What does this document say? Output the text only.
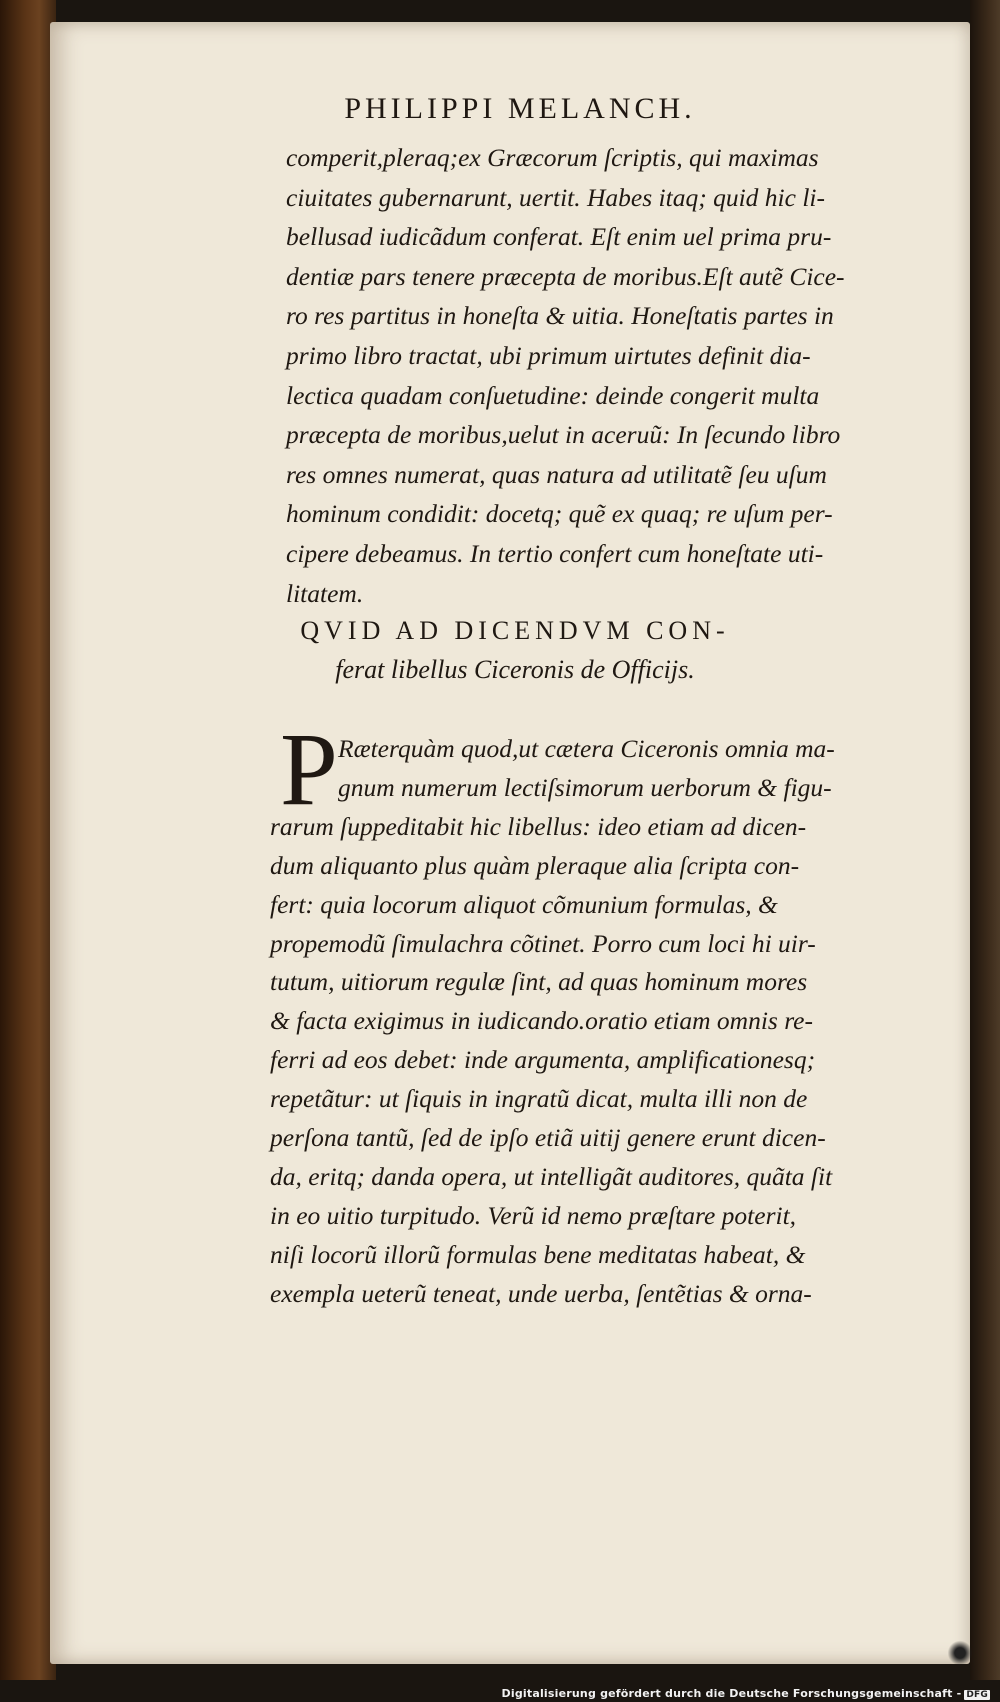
PHILIPPI MELANCH.
comperit,pleraq;ex Græcorum ſcriptis, qui maximas
ciuitates gubernarunt, uertit. Habes itaq; quid hic li-
bellusad iudicãdum conferat. Eſt enim uel prima pru-
dentiæ pars tenere præcepta de moribus.Eſt autẽ Cice-
ro res partitus in honeſta & uitia. Honeſtatis partes in
primo libro tractat, ubi primum uirtutes definit dia-
lectica quadam conſuetudine: deinde congerit multa
præcepta de moribus,uelut in aceruũ: In ſecundo libro
res omnes numerat, quas natura ad utilitatẽ ſeu uſum
hominum condidit: docetq; quẽ ex quaq; re uſum per-
cipere debeamus. In tertio confert cum honeſtate uti-
litatem.
QVID AD DICENDVM CON-
ferat libellus Ciceronis de Officijs.
P Ræterquàm quod,ut cætera Ciceronis omnia ma-
gnum numerum lectiſsimorum uerborum & figu-
rarum ſuppeditabit hic libellus: ideo etiam ad dicen-
dum aliquanto plus quàm pleraque alia ſcripta con-
fert: quia locorum aliquot cõmunium formulas, &
propemodũ ſimulachra cõtinet. Porro cum loci hi uir-
tutum, uitiorum regulæ ſint, ad quas hominum mores
& facta exigimus in iudicando.oratio etiam omnis re-
ferri ad eos debet: inde argumenta, amplificationesq;
repetãtur: ut ſiquis in ingratũ dicat, multa illi non de
perſona tantũ, ſed de ipſo etiã uitij genere erunt dicen-
da, eritq; danda opera, ut intelligãt auditores, quãta ſit
in eo uitio turpitudo. Verũ id nemo præſtare poterit,
niſi locorũ illorũ formulas bene meditatas habeat, &
exempla ueterũ teneat, unde uerba, ſentẽtias & orna-
Digitalisierung gefördert durch die Deutsche Forschungsgemeinschaft - DFG
